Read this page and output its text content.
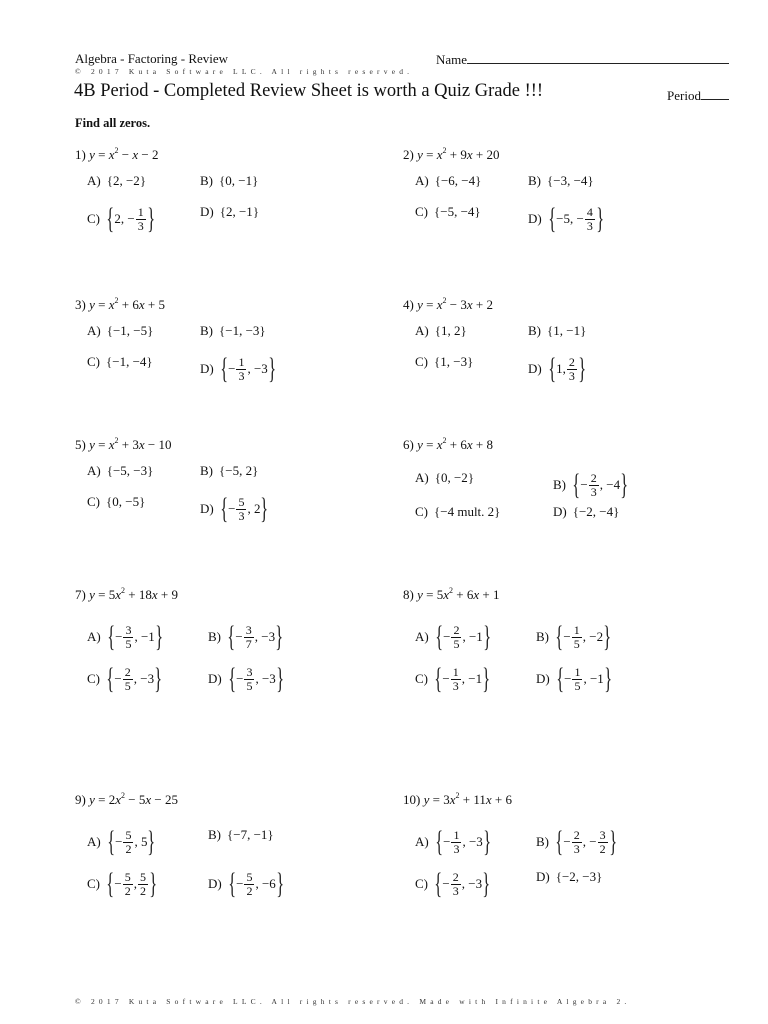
Algebra - Factoring - Review	Name
© 2017 Kuta Software LLC. All rights reserved.
4B Period - Completed Review Sheet is worth a Quiz Grade !!!	Period
Find all zeros.
1) $y = x^2 - x - 2$
A) { 2, −2 }	B) { 0, −1 }
C) { 2, − $\frac{1}{3}$ }	D) { 2, −1 }
2) $y = x^2 + 9x + 20$
A) { −6, −4 }	B) { −3, −4 }
C) { −5, −4 }	D) { −5, − $\frac{4}{3}$ }
3) $y = x^2 + 6x + 5$
A) { −1, −5 }	B) { −1, −3 }
C) { −1, −4 }	D) { − $\frac{1}{3}$ , −3 }
4) $y = x^2 - 3x + 2$
A) { 1, 2 }	B) { 1, −1 }
C) { 1, −3 }	D) { 1, $\frac{2}{3}$ }
5) $y = x^2 + 3x - 10$
A) { −5, −3 }	B) { −5, 2 }
C) { 0, −5 }	D) { − $\frac{5}{3}$ , 2 }
6) $y = x^2 + 6x + 8$
A) { 0, −2 }	B) { − $\frac{2}{3}$ , −4 }
C) { −4 mult. 2 }	D) { −2, −4 }
7) $y = 5x^2 + 18x + 9$
A) { − $\frac{3}{5}$ , −1 }	B) { − $\frac{3}{7}$ , −3 }
C) { − $\frac{2}{5}$ , −3 }	D) { − $\frac{3}{5}$ , −3 }
8) $y = 5x^2 + 6x + 1$
A) { − $\frac{2}{5}$ , −1 }	B) { − $\frac{1}{5}$ , −2 }
C) { − $\frac{1}{3}$ , −1 }	D) { − $\frac{1}{5}$ , −1 }
9) $y = 2x^2 - 5x - 25$
A) { − $\frac{5}{2}$ , 5 }	B) { −7, −1 }
C) { − $\frac{5}{2}$ , $\frac{5}{2}$ }	D) { − $\frac{5}{2}$ , −6 }
10) $y = 3x^2 + 11x + 6$
A) { − $\frac{1}{3}$ , −3 }	B) { − $\frac{2}{3}$ , − $\frac{3}{2}$ }
C) { − $\frac{2}{3}$ , −3 }	D) { −2, −3 }
© 2017 Kuta Software LLC. All rights reserved. Made with Infinite Algebra 2.
